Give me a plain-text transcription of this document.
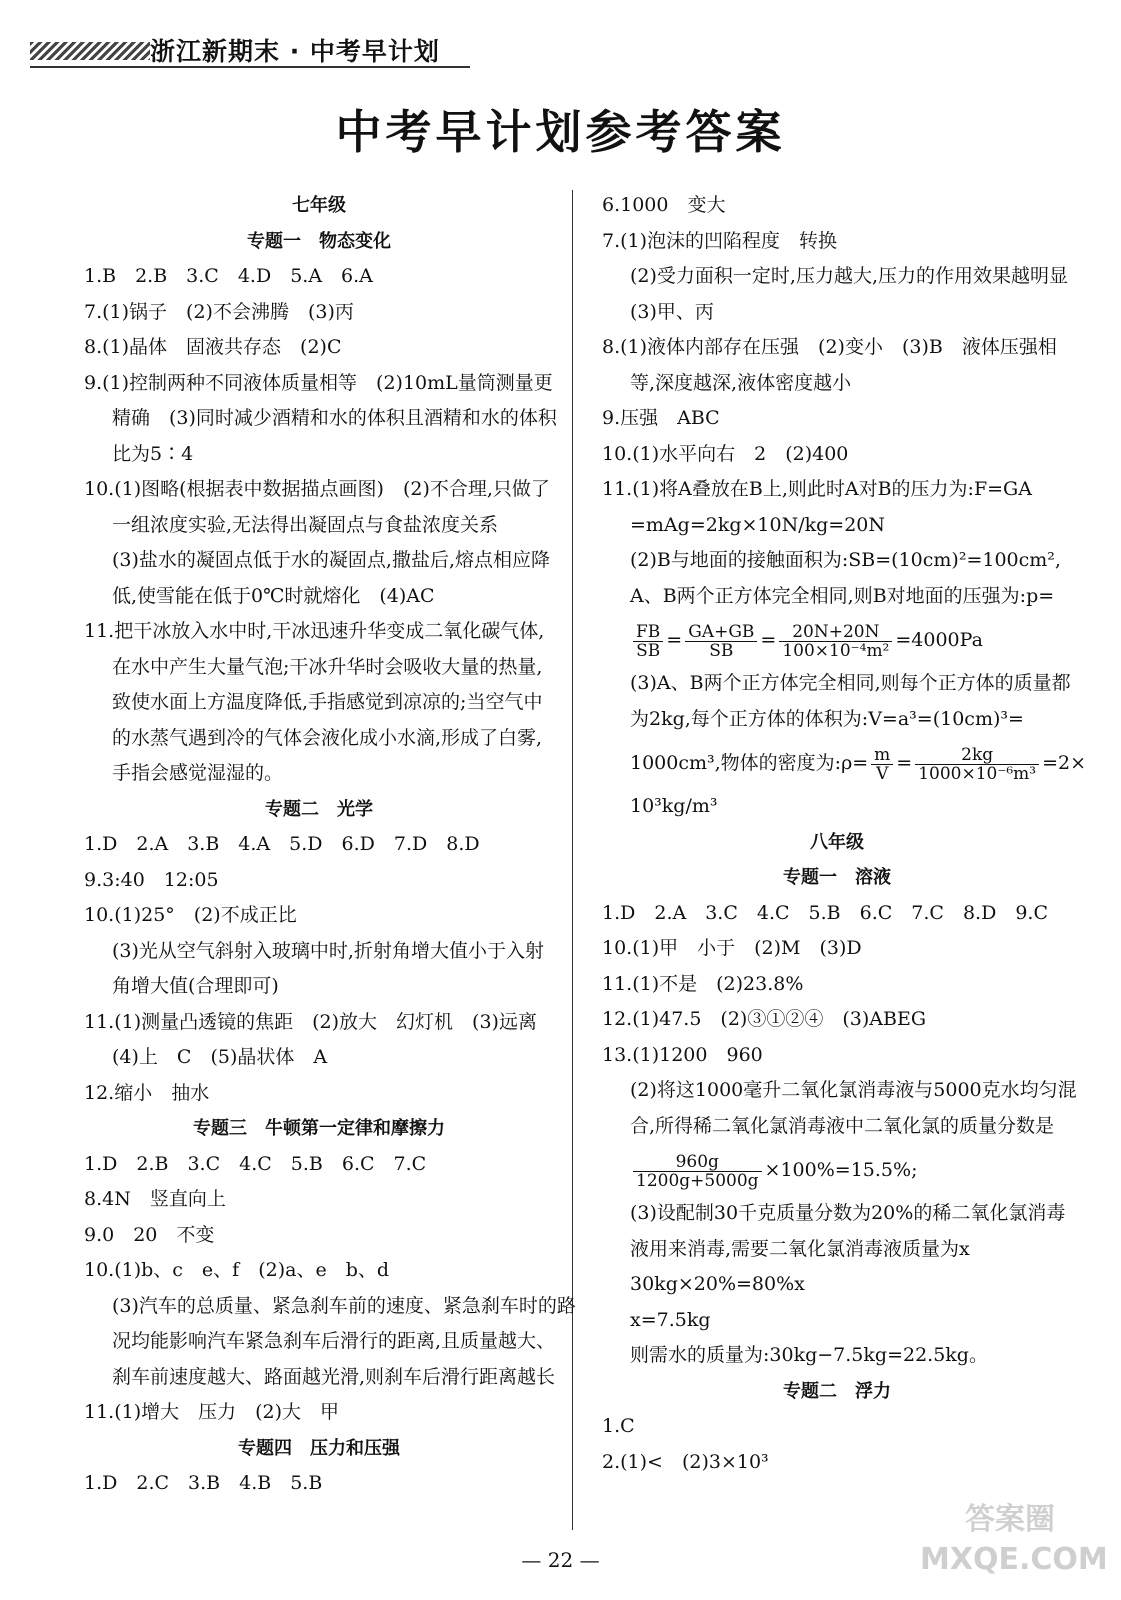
浙江新期末 · 中考早计划
中考早计划参考答案
七年级
专题一　物态变化
1.B　2.B　3.C　4.D　5.A　6.A
7.(1)锅子　(2)不会沸腾　(3)丙
8.(1)晶体　固液共存态　(2)C
9.(1)控制两种不同液体质量相等　(2)10mL量筒测量更
精确　(3)同时减少酒精和水的体积且酒精和水的体积
比为5∶4
10.(1)图略(根据表中数据描点画图)　(2)不合理,只做了
一组浓度实验,无法得出凝固点与食盐浓度关系
(3)盐水的凝固点低于水的凝固点,撒盐后,熔点相应降
低,使雪能在低于0℃时就熔化　(4)AC
11.把干冰放入水中时,干冰迅速升华变成二氧化碳气体,
在水中产生大量气泡;干冰升华时会吸收大量的热量,
致使水面上方温度降低,手指感觉到凉凉的;当空气中
的水蒸气遇到冷的气体会液化成小水滴,形成了白雾,
手指会感觉湿湿的。
专题二　光学
1.D　2.A　3.B　4.A　5.D　6.D　7.D　8.D
9.3:40　12:05
10.(1)25°　(2)不成正比
(3)光从空气斜射入玻璃中时,折射角增大值小于入射
角增大值(合理即可)
11.(1)测量凸透镜的焦距　(2)放大　幻灯机　(3)远离
(4)上　C　(5)晶状体　A
12.缩小　抽水
专题三　牛顿第一定律和摩擦力
1.D　2.B　3.C　4.C　5.B　6.C　7.C
8.4N　竖直向上
9.0　20　不变
10.(1)b、c　e、f　(2)a、e　b、d
(3)汽车的总质量、紧急刹车前的速度、紧急刹车时的路
况均能影响汽车紧急刹车后滑行的距离,且质量越大、
刹车前速度越大、路面越光滑,则刹车后滑行距离越长
11.(1)增大　压力　(2)大　甲
专题四　压力和压强
1.D　2.C　3.B　4.B　5.B
6.1000　变大
7.(1)泡沫的凹陷程度　转换
(2)受力面积一定时,压力越大,压力的作用效果越明显
(3)甲、丙
8.(1)液体内部存在压强　(2)变小　(3)B　液体压强相
等,深度越深,液体密度越小
9.压强　ABC
10.(1)水平向右　2　(2)400
11.(1)将A叠放在B上,则此时A对B的压力为:F=GA
=mAg=2kg×10N/kg=20N
(2)B与地面的接触面积为:SB=(10cm)²=100cm²,
A、B两个正方体完全相同,则B对地面的压强为:p=
$\frac{FB}{SB} = \frac{GA+GB}{SB} = \frac{20N+20N}{\text{100×10⁻⁴m²}} =4000Pa$
(3)A、B两个正方体完全相同,则每个正方体的质量都
为2kg,每个正方体的体积为:V=a³=(10cm)³=
1000cm³,物体的密度为:ρ= $\frac{m}{V} = \frac{2kg}{\text{1000×10⁻⁶m³}} =2\times$
10³kg/m³
八年级
专题一　溶液
1.D　2.A　3.C　4.C　5.B　6.C　7.C　8.D　9.C
10.(1)甲　小于　(2)M　(3)D
11.(1)不是　(2)23.8%
12.(1)47.5　(2)③①②④　(3)ABEG
13.(1)1200　960
(2)将这1000毫升二氧化氯消毒液与5000克水均匀混
合,所得稀二氧化氯消毒液中二氧化氯的质量分数是
$\frac{960g}{1200g+5000g} \times 100\%=15.5\%$;
(3)设配制30千克质量分数为20%的稀二氧化氯消毒
液用来消毒,需要二氧化氯消毒液质量为x
30kg×20%=80%x
x=7.5kg
则需水的质量为:30kg−7.5kg=22.5kg。
专题二　浮力
1.C
2.(1)<　(2)3×10³
— 22 —
答案圈
MXQE.COM
